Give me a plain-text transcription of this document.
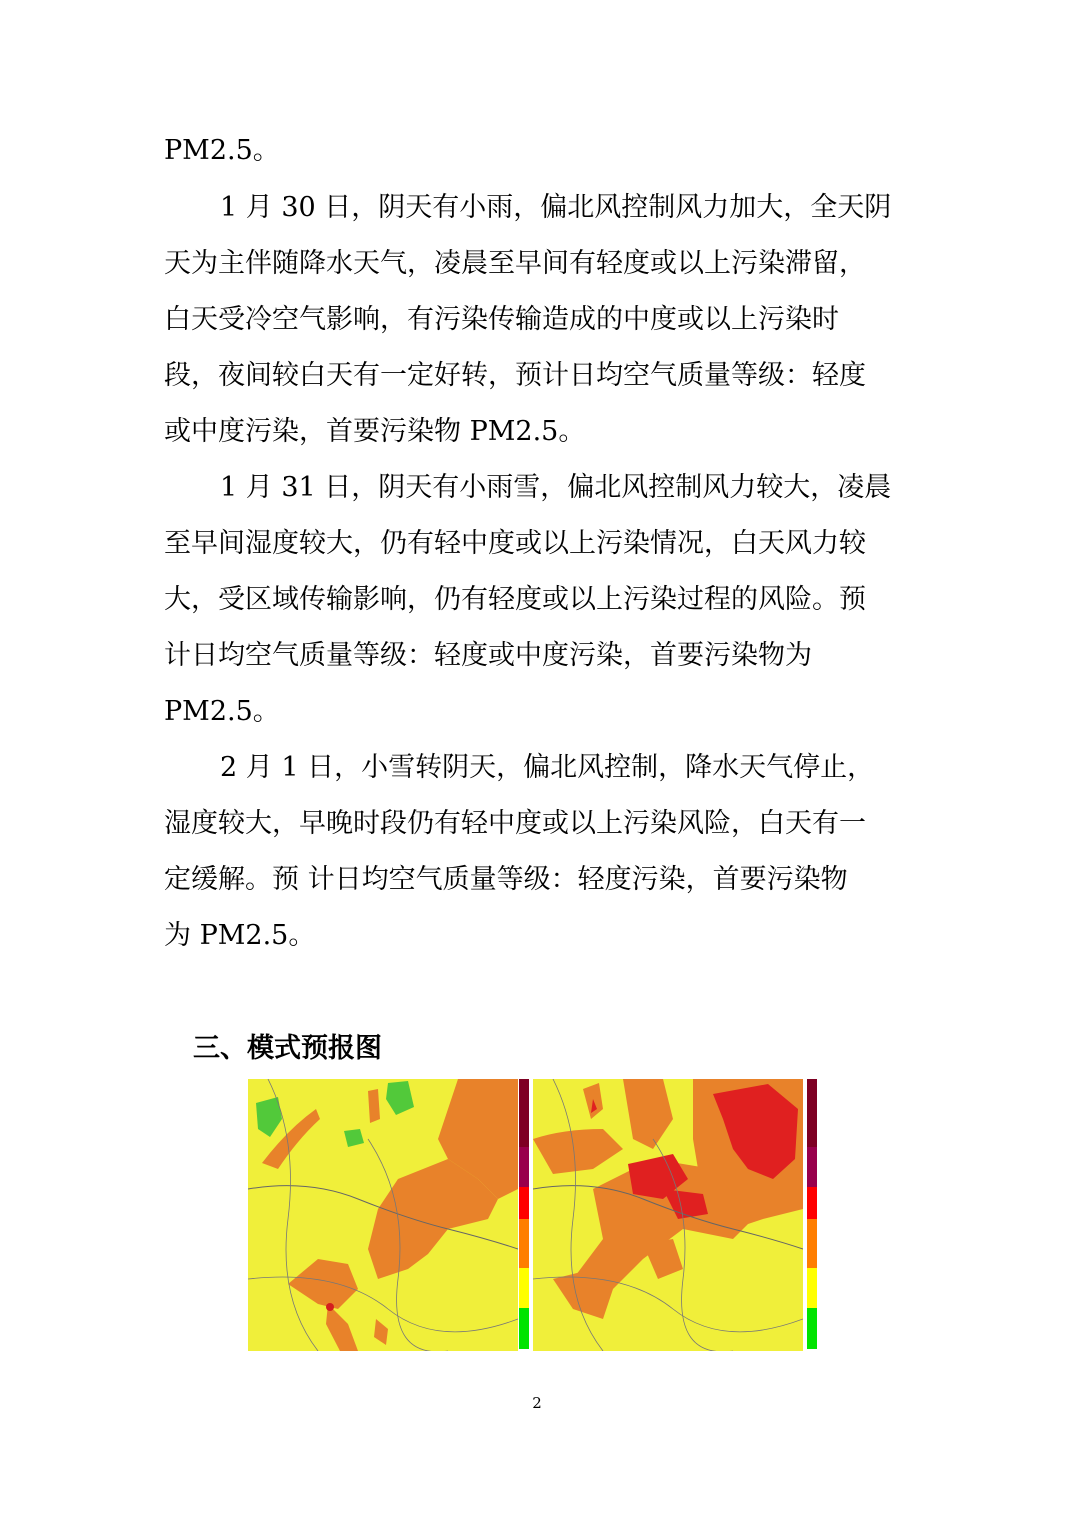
PM2.5。
1 月 30 日，阴天有小雨，偏北风控制风力加大，全天阴
天为主伴随降水天气，凌晨至早间有轻度或以上污染滞留，
白天受冷空气影响，有污染传输造成的中度或以上污染时
段，夜间较白天有一定好转，预计日均空气质量等级：轻度
或中度污染，首要污染物 PM2.5。
1 月 31 日，阴天有小雨雪，偏北风控制风力较大，凌晨
至早间湿度较大，仍有轻中度或以上污染情况，白天风力较
大，受区域传输影响，仍有轻度或以上污染过程的风险。预
计日均空气质量等级：轻度或中度污染，首要污染物为
PM2.5。
2 月 1 日，小雪转阴天，偏北风控制，降水天气停止，
湿度较大，早晚时段仍有轻中度或以上污染风险，白天有一
定缓解。预 计日均空气质量等级：轻度污染，首要污染物
为 PM2.5。
三、模式预报图
2
